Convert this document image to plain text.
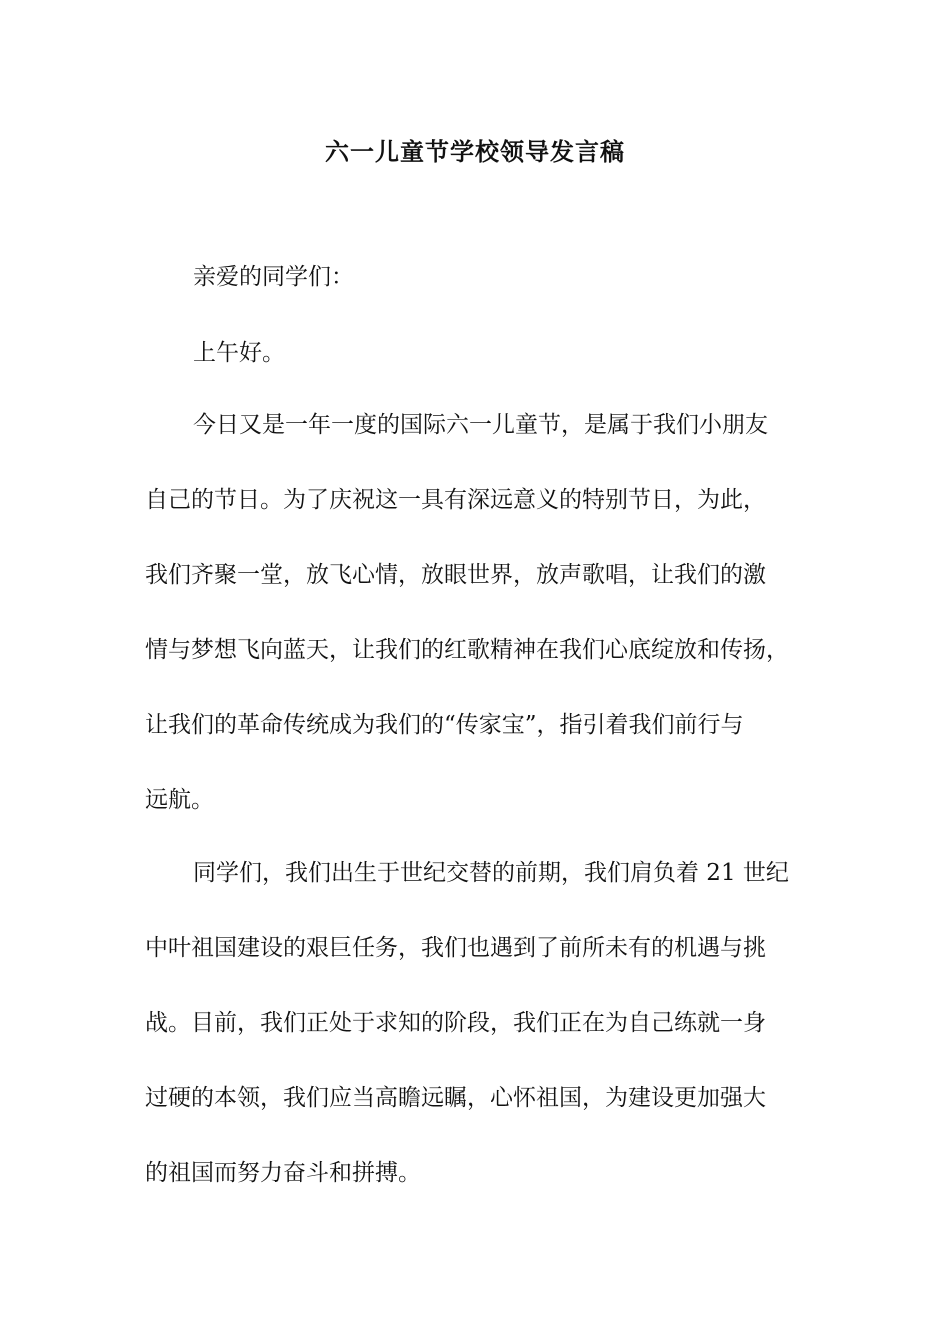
六一儿童节学校领导发言稿

亲爱的同学们：

上午好。

今日又是一年一度的国际六一儿童节，是属于我们小朋友

自己的节日。为了庆祝这一具有深远意义的特别节日，为此，

我们齐聚一堂，放飞心情，放眼世界，放声歌唱，让我们的激

情与梦想飞向蓝天，让我们的红歌精神在我们心底绽放和传扬，

让我们的革命传统成为我们的“传家宝”，指引着我们前行与

远航。

同学们，我们出生于世纪交替的前期，我们肩负着 21 世纪

中叶祖国建设的艰巨任务，我们也遇到了前所未有的机遇与挑

战。目前，我们正处于求知的阶段，我们正在为自己练就一身

过硬的本领，我们应当高瞻远瞩，心怀祖国，为建设更加强大

的祖国而努力奋斗和拼搏。
